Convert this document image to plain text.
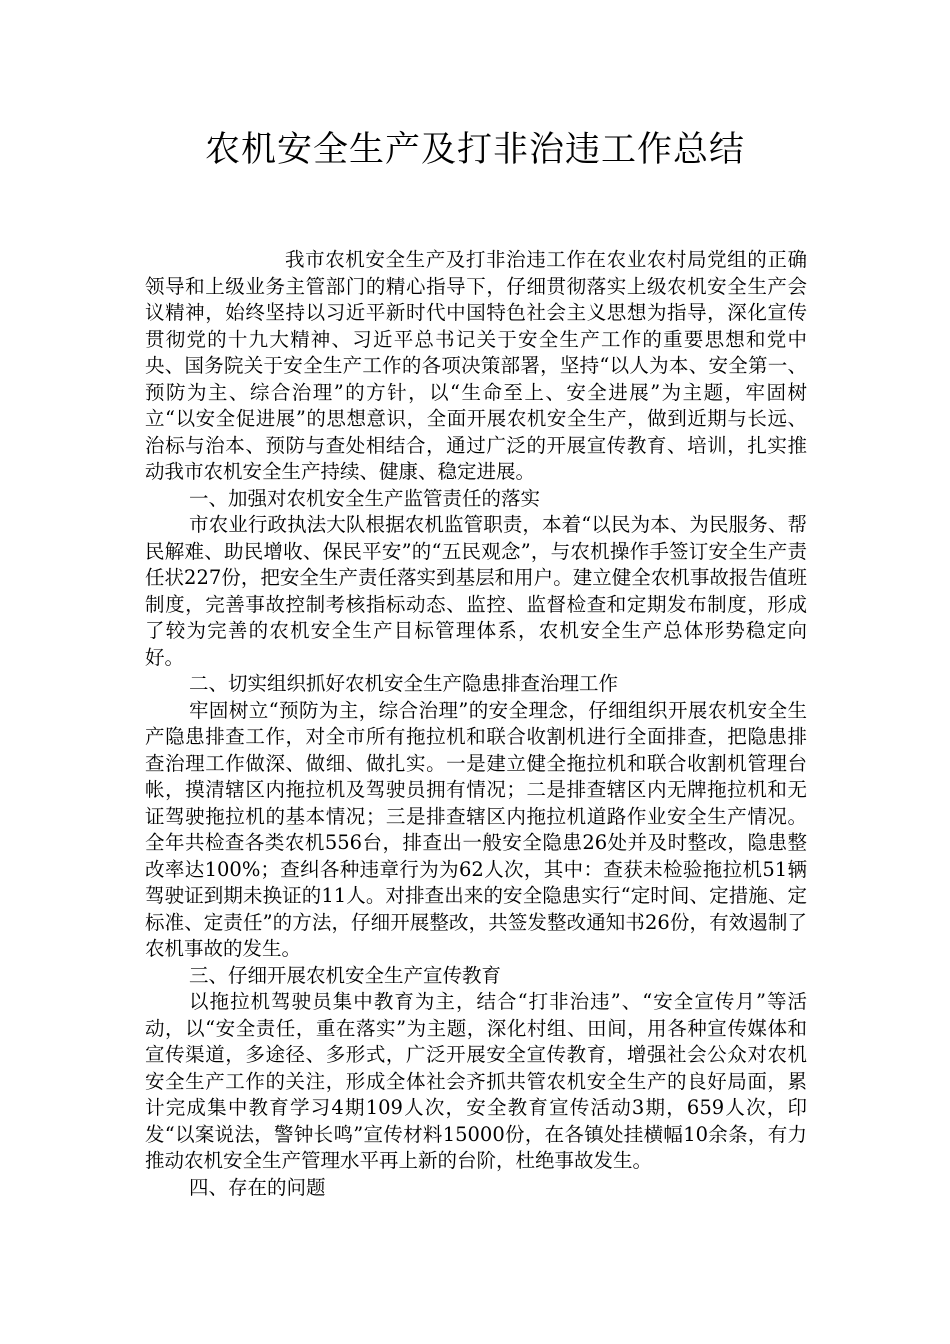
农机安全生产及打非治违工作总结

我市农机安全生产及打非治违工作在农业农村局党组的正确领导和上级业务主管部门的精心指导下，仔细贯彻落实上级农机安全生产会议精神，始终坚持以习近平新时代中国特色社会主义思想为指导，深化宣传贯彻党的十九大精神、习近平总书记关于安全生产工作的重要思想和党中央、国务院关于安全生产工作的各项决策部署，坚持“以人为本、安全第一、预防为主、综合治理”的方针，以“生命至上、安全进展”为主题，牢固树立“以安全促进展”的思想意识，全面开展农机安全生产，做到近期与长远、治标与治本、预防与查处相结合，通过广泛的开展宣传教育、培训，扎实推动我市农机安全生产持续、健康、稳定进展。

一、加强对农机安全生产监管责任的落实

市农业行政执法大队根据农机监管职责，本着“以民为本、为民服务、帮民解难、助民增收、保民平安”的“五民观念”，与农机操作手签订安全生产责任状227份，把安全生产责任落实到基层和用户。建立健全农机事故报告值班制度，完善事故控制考核指标动态、监控、监督检查和定期发布制度，形成了较为完善的农机安全生产目标管理体系，农机安全生产总体形势稳定向好。

二、切实组织抓好农机安全生产隐患排查治理工作

牢固树立“预防为主，综合治理”的安全理念，仔细组织开展农机安全生产隐患排查工作，对全市所有拖拉机和联合收割机进行全面排查，把隐患排查治理工作做深、做细、做扎实。一是建立健全拖拉机和联合收割机管理台帐，摸清辖区内拖拉机及驾驶员拥有情况；二是排查辖区内无牌拖拉机和无证驾驶拖拉机的基本情况；三是排查辖区内拖拉机道路作业安全生产情况。全年共检查各类农机556台，排查出一般安全隐患26处并及时整改，隐患整改率达100%；查纠各种违章行为为62人次，其中：查获未检验拖拉机51辆驾驶证到期未换证的11人。对排查出来的安全隐患实行“定时间、定措施、定标准、定责任”的方法，仔细开展整改，共签发整改通知书26份，有效遏制了农机事故的发生。

三、仔细开展农机安全生产宣传教育

以拖拉机驾驶员集中教育为主，结合“打非治违”、“安全宣传月”等活动，以“安全责任，重在落实”为主题，深化村组、田间，用各种宣传媒体和宣传渠道，多途径、多形式，广泛开展安全宣传教育，增强社会公众对农机安全生产工作的关注，形成全体社会齐抓共管农机安全生产的良好局面，累计完成集中教育学习4期109人次，安全教育宣传活动3期，659人次，印发“以案说法，警钟长鸣”宣传材料15000份，在各镇处挂横幅10余条，有力推动农机安全生产管理水平再上新的台阶，杜绝事故发生。

四、存在的问题
